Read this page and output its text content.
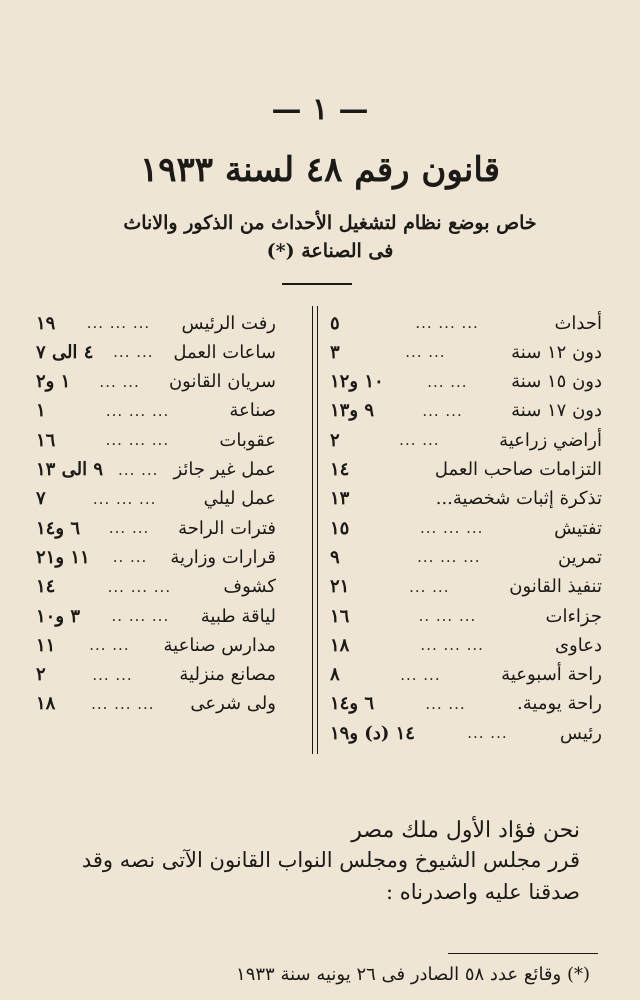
— ١ —
قانون رقم ٤٨ لسنة ١٩٣٣
خاص بوضع نظام لتشغيل الأحداث من الذكور والاناث
فى الصناعة (*)
أحداث
... ... ...
٥
دون ١٢ سنة
... ...
٣
دون ١٥ سنة
... ...
١٠ و١٢
دون ١٧ سنة
... ...
٩ و١٣
أراضي زراعية
... ...
٢
التزامات صاحب العمل
١٤
تذكرة إثبات شخصية...
١٣
تفتيش
... ... ...
١٥
تمرين
... ... ...
٩
تنفيذ القانون
... ...
٢١
جزاءات
.. ... ...
١٦
دعاوى
... ... ...
١٨
راحة أسبوعية
... ...
٨
راحة يومية.
... ...
٦ و١٤
رئيس
... ...
١٤ (د) و١٩
رفت الرئيس
... ... ...
١٩
ساعات العمل
... ...
٤ الى ٧
سريان القانون
... ...
١ و٢
صناعة
... ... ...
١
عقوبات
... ... ...
١٦
عمل غير جائز
... ...
٩ الى ١٣
عمل ليلي
... ... ...
٧
فترات الراحة
... ...
٦ و١٤
قرارات وزارية
.. ...
١١ و٢١
كشوف
... ... ...
١٤
لياقة طبية
.. ... ...
٣ و١٠
مدارس صناعية
... ...
١١
مصانع منزلية
... ...
٢
ولى شرعى
... ... ...
١٨
نحن فؤاد الأول ملك مصر
قرر مجلس الشيوخ ومجلس النواب القانون الآتى نصه وقد
صدقنا عليه واصدرناه :
(*) وقائع عدد ٥٨ الصادر فى ٢٦ يونيه سنة ١٩٣٣
